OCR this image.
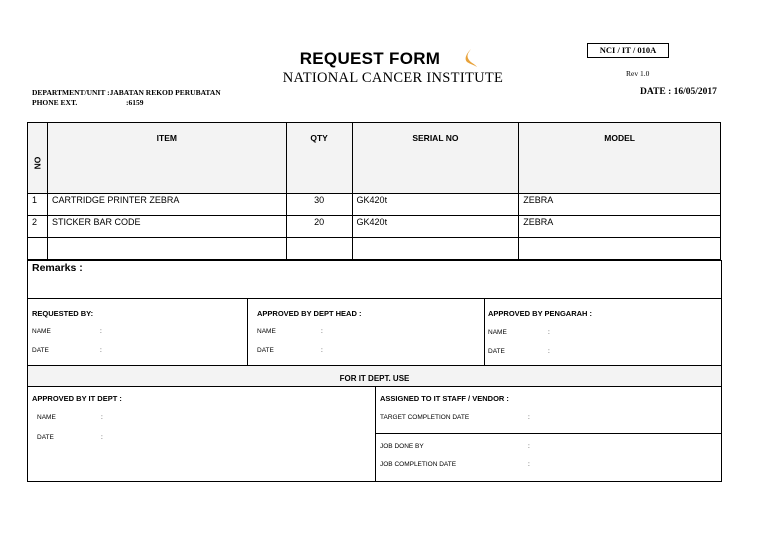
REQUEST FORM
NATIONAL CANCER INSTITUTE
NCI / IT / 010A
Rev 1.0
DATE : 16/05/2017
DEPARTMENT/UNIT :JABATAN REKOD PERUBATAN
PHONE EXT.	:6159
NO	ITEM	QTY	SERIAL NO	MODEL
1	CARTRIDGE PRINTER ZEBRA	30	GK420t	ZEBRA
2	STICKER BAR CODE	20	GK420t	ZEBRA

Remarks :
REQUESTED BY:
NAME	:
DATE	:
APPROVED BY DEPT HEAD :
NAME	:
DATE	:
APPROVED BY PENGARAH :
NAME	:
DATE	:
FOR IT DEPT. USE
APPROVED BY IT DEPT :
NAME	:
DATE	:
ASSIGNED TO IT STAFF / VENDOR :
TARGET COMPLETION DATE	:
JOB DONE BY	:
JOB COMPLETION DATE	:
